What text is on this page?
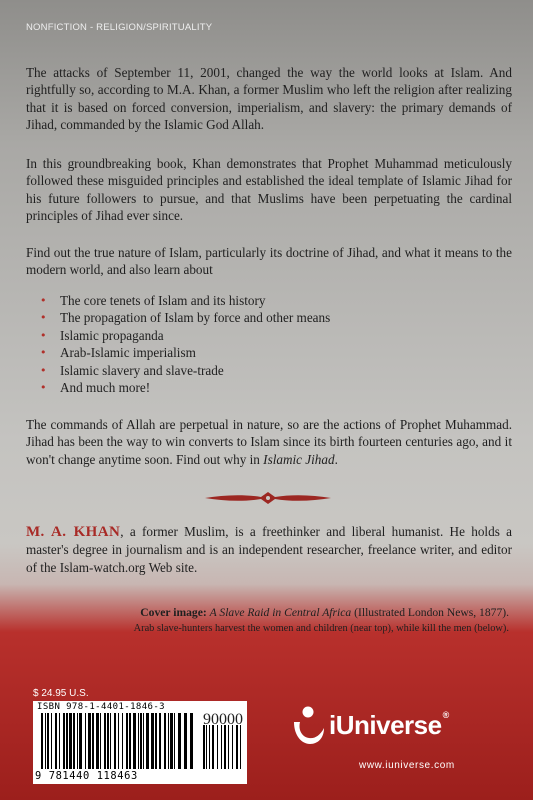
NONFICTION - RELIGION/SPIRITUALITY

The attacks of September 11, 2001, changed the way the world looks at Islam. And rightfully so, according to M.A. Khan, a former Muslim who left the religion after realizing that it is based on forced conversion, imperialism, and slavery: the primary demands of Jihad, commanded by the Islamic God Allah.

In this groundbreaking book, Khan demonstrates that Prophet Muhammad meticulously followed these misguided principles and established the ideal template of Islamic Jihad for his future followers to pursue, and that Muslims have been perpetuating the cardinal principles of Jihad ever since.

Find out the true nature of Islam, particularly its doctrine of Jihad, and what it means to the modern world, and also learn about

• The core tenets of Islam and its history
• The propagation of Islam by force and other means
• Islamic propaganda
• Arab-Islamic imperialism
• Islamic slavery and slave-trade
• And much more!

The commands of Allah are perpetual in nature, so are the actions of Prophet Muhammad. Jihad has been the way to win converts to Islam since its birth fourteen centuries ago, and it won't change anytime soon. Find out why in Islamic Jihad.

M. A. KHAN, a former Muslim, is a freethinker and liberal humanist. He holds a master's degree in journalism and is an independent researcher, freelance writer, and editor of the Islam-watch.org Web site.

Cover image: A Slave Raid in Central Africa (Illustrated London News, 1877).
Arab slave-hunters harvest the women and children (near top), while kill the men (below).
$ 24.95 U.S.
ISBN 978-1-4401-1846-3
9 781440 118463
90000	iUniverse®
www.iuniverse.com
